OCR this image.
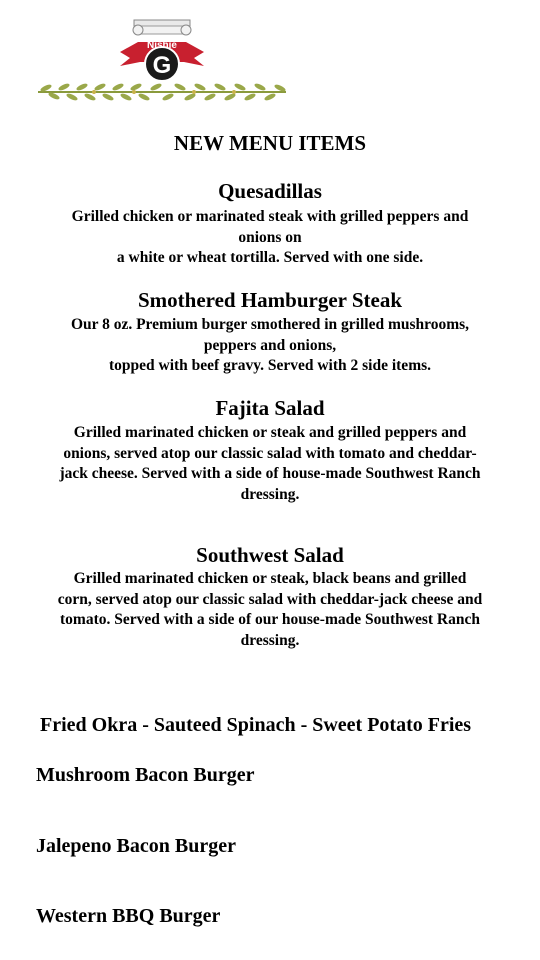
Nishie
G
NEW MENU ITEMS
Quesadillas

Grilled chicken or marinated steak with grilled peppers and
onions on
a white or wheat tortilla. Served with one side.

Smothered Hamburger Steak

Our 8 oz. Premium burger smothered in grilled mushrooms,
peppers and onions,
topped with beef gravy. Served with 2 side items.

Fajita Salad

Grilled marinated chicken or steak and grilled peppers and
onions, served atop our classic salad with tomato and cheddar-
jack cheese. Served with a side of house-made Southwest Ranch
dressing.

Southwest Salad

Grilled marinated chicken or steak, black beans and grilled
corn, served atop our classic salad with cheddar-jack cheese and
tomato. Served with a side of our house-made Southwest Ranch
dressing.

Fried Okra - Sauteed Spinach - Sweet Potato Fries

Mushroom Bacon Burger

Jalepeno Bacon Burger

Western BBQ Burger
